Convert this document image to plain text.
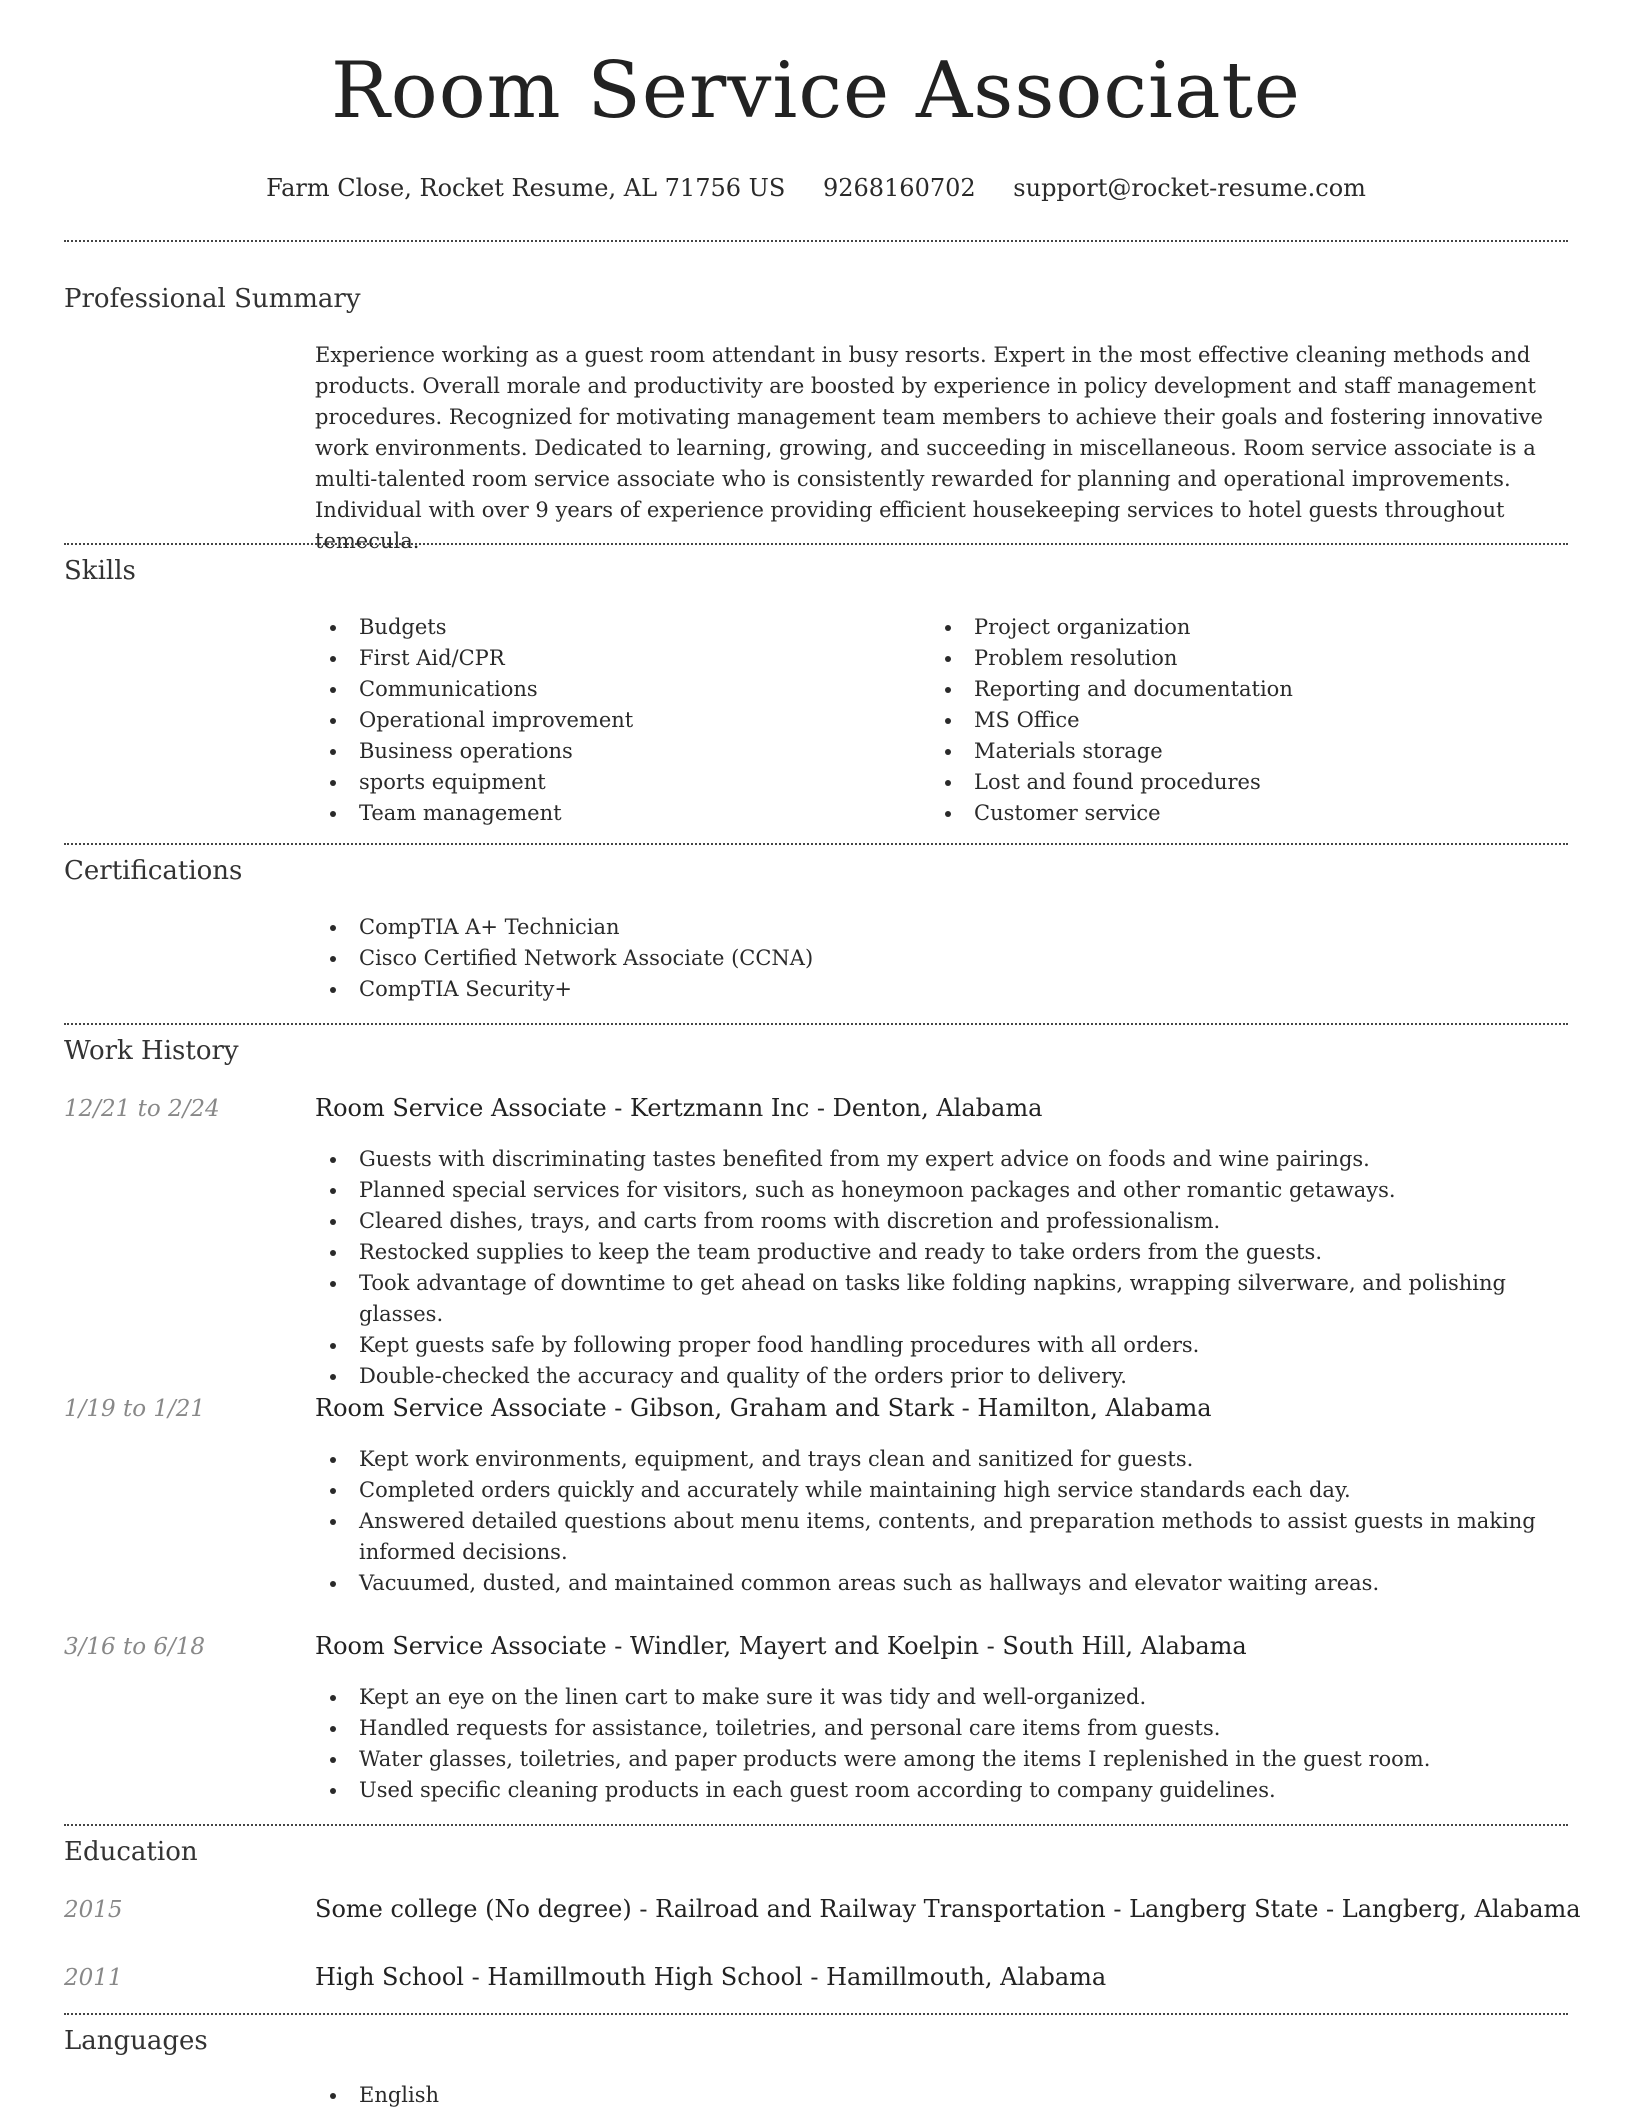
Room Service Associate
Farm Close, Rocket Resume, AL 71756 US 9268160702 support@rocket-resume.com
Professional Summary

Experience working as a guest room attendant in busy resorts. Expert in the most effective cleaning methods and products. Overall morale and productivity are boosted by experience in policy development and staff management procedures. Recognized for motivating management team members to achieve their goals and fostering innovative work environments. Dedicated to learning, growing, and succeeding in miscellaneous. Room service associate is a multi-talented room service associate who is consistently rewarded for planning and operational improvements. Individual with over 9 years of experience providing efficient housekeeping services to hotel guests throughout temecula.

Skills
Budgets
First Aid/CPR
Communications
Operational improvement
Business operations
sports equipment
Team management
Project organization
Problem resolution
Reporting and documentation
MS Office
Materials storage
Lost and found procedures
Customer service
Certifications
CompTIA A+ Technician
Cisco Certified Network Associate (CCNA)
CompTIA Security+
Work History
12/21 to 2/24	Room Service Associate - Kertzmann Inc - Denton, Alabama
Guests with discriminating tastes benefited from my expert advice on foods and wine pairings.
Planned special services for visitors, such as honeymoon packages and other romantic getaways.
Cleared dishes, trays, and carts from rooms with discretion and professionalism.
Restocked supplies to keep the team productive and ready to take orders from the guests.
Took advantage of downtime to get ahead on tasks like folding napkins, wrapping silverware, and polishing glasses.
Kept guests safe by following proper food handling procedures with all orders.
Double-checked the accuracy and quality of the orders prior to delivery.
1/19 to 1/21	Room Service Associate - Gibson, Graham and Stark - Hamilton, Alabama
Kept work environments, equipment, and trays clean and sanitized for guests.
Completed orders quickly and accurately while maintaining high service standards each day.
Answered detailed questions about menu items, contents, and preparation methods to assist guests in making informed decisions.
Vacuumed, dusted, and maintained common areas such as hallways and elevator waiting areas.
3/16 to 6/18	Room Service Associate - Windler, Mayert and Koelpin - South Hill, Alabama
Kept an eye on the linen cart to make sure it was tidy and well-organized.
Handled requests for assistance, toiletries, and personal care items from guests.
Water glasses, toiletries, and paper products were among the items I replenished in the guest room.
Used specific cleaning products in each guest room according to company guidelines.
Education
2015	Some college (No degree) - Railroad and Railway Transportation - Langberg State - Langberg, Alabama
2011	High School - Hamillmouth High School - Hamillmouth, Alabama
Languages
English
